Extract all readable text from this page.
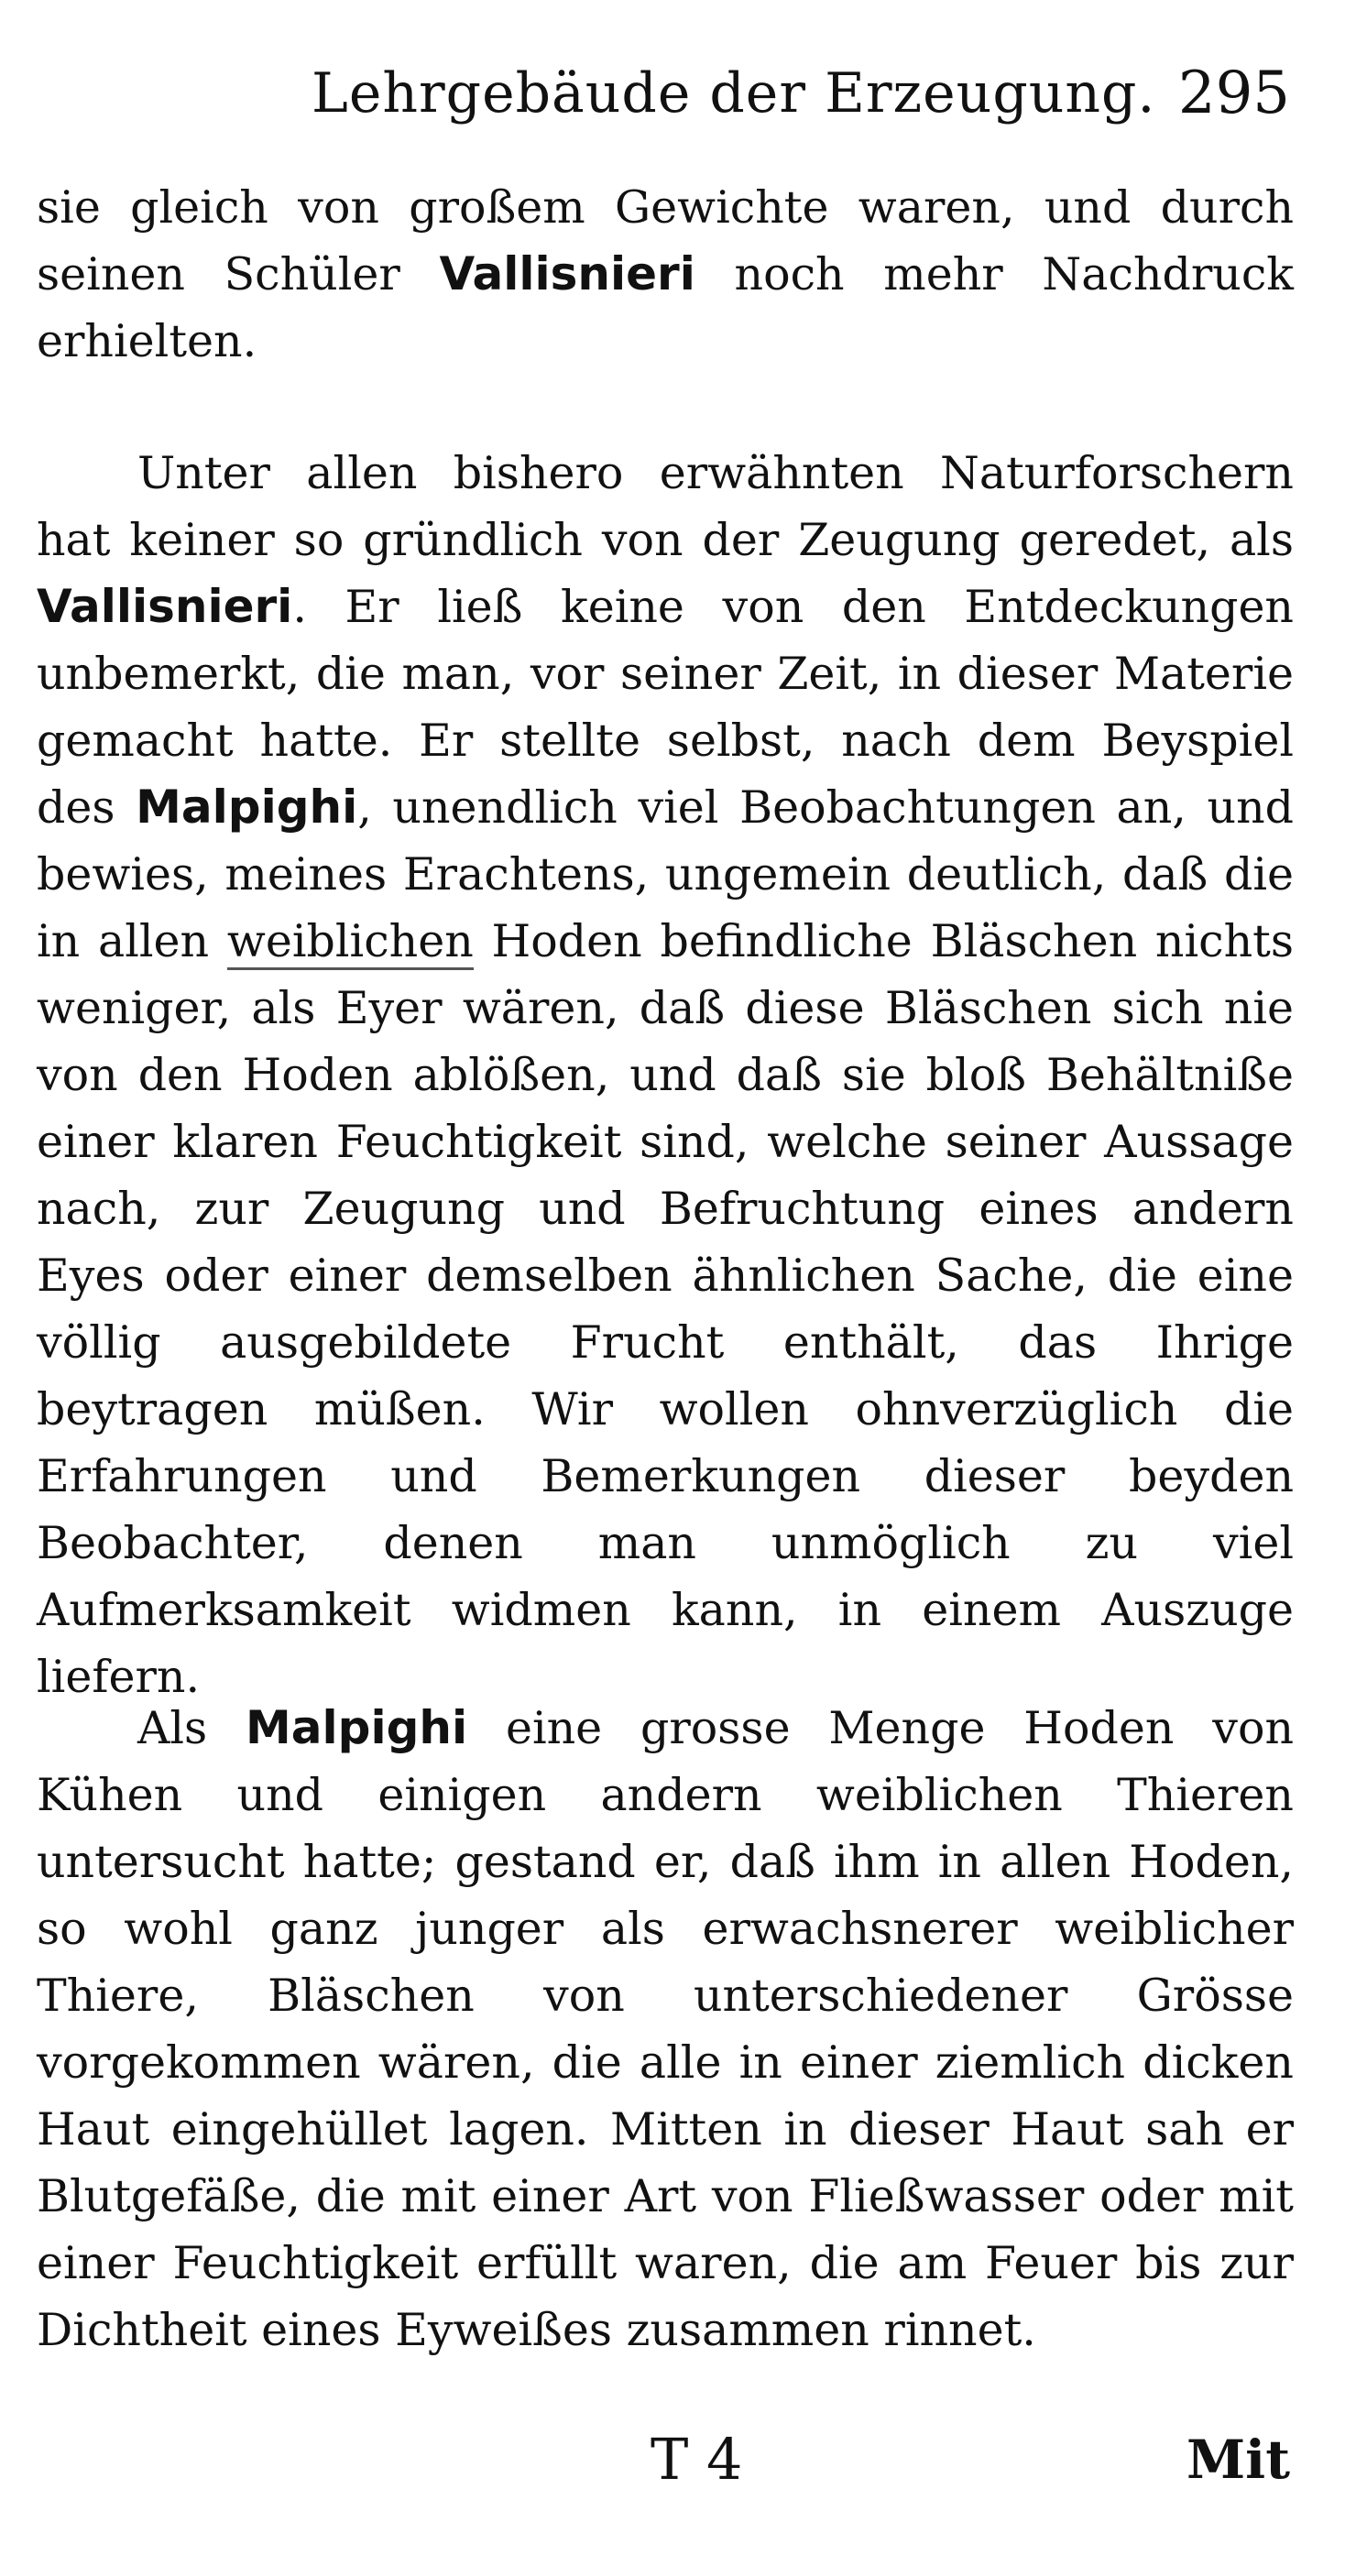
Lehrgebäude der Erzeugung. 295

sie gleich von großem Gewichte waren, und durch seinen Schüler Vallisnieri noch mehr Nachdruck erhielten.

Unter allen bishero erwähnten Naturforschern hat keiner so gründlich von der Zeugung geredet, als Vallisnieri. Er ließ keine von den Entdeckungen unbemerkt, die man, vor seiner Zeit, in dieser Materie gemacht hatte. Er stellte selbst, nach dem Beyspiel des Malpighi, unendlich viel Beobachtungen an, und bewies, meines Erachtens, ungemein deutlich, daß die in allen weiblichen Hoden befindliche Bläschen nichts weniger, als Eyer wären, daß diese Bläschen sich nie von den Hoden ablößen, und daß sie bloß Behältniße einer klaren Feuchtigkeit sind, welche seiner Aussage nach, zur Zeugung und Befruchtung eines andern Eyes oder einer demselben ähnlichen Sache, die eine völlig ausgebildete Frucht enthält, das Ihrige beytragen müßen. Wir wollen ohnverzüglich die Erfahrungen und Bemerkungen dieser beyden Beobachter, denen man unmöglich zu viel Aufmerksamkeit widmen kann, in einem Auszuge liefern.

Als Malpighi eine grosse Menge Hoden von Kühen und einigen andern weiblichen Thieren untersucht hatte; gestand er, daß ihm in allen Hoden, so wohl ganz junger als erwachsnerer weiblicher Thiere, Bläschen von unterschiedener Grösse vorgekommen wären, die alle in einer ziemlich dicken Haut eingehüllet lagen. Mitten in dieser Haut sah er Blutgefäße, die mit einer Art von Fließwasser oder mit einer Feuchtigkeit erfüllt waren, die am Feuer bis zur Dichtheit eines Eyweißes zusammen rinnet.

T 4	Mit
